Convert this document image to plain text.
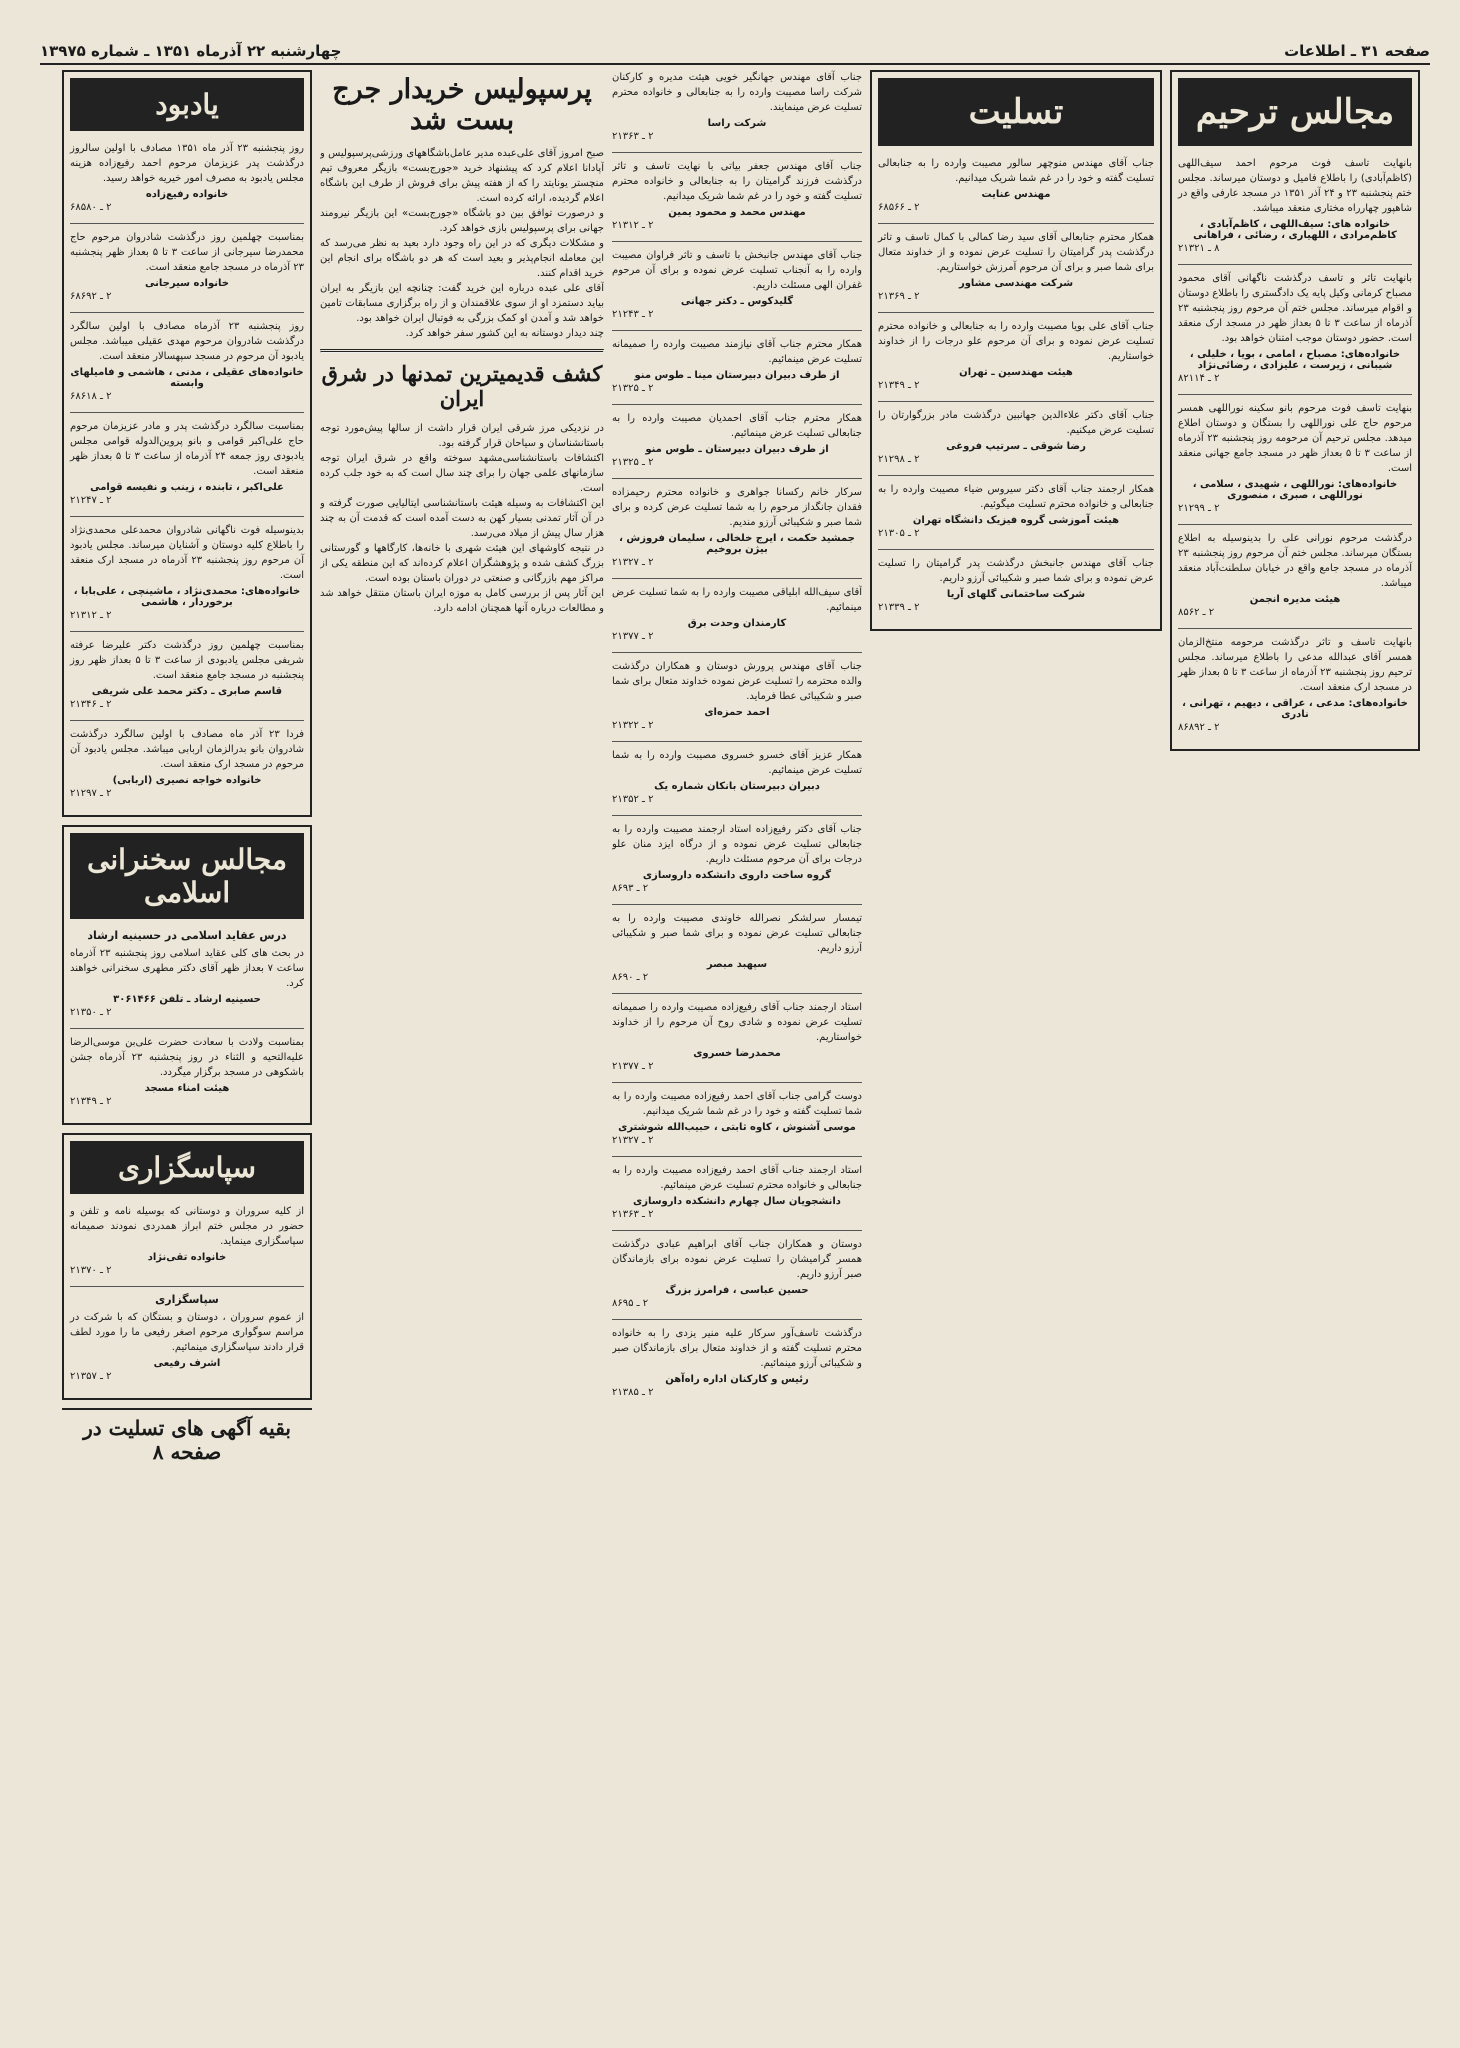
صفحه ۳۱ ـ اطلاعات
چهارشنبه ۲۲ آذرماه ۱۳۵۱ ـ شماره ۱۳۹۷۵
مجالس ترحیم

بانهایت تاسف فوت مرحوم احمد سیف‌اللهی (کاظم‌آبادی) را باطلاع فامیل و دوستان میرساند. مجلس ختم پنجشنبه ۲۳ و ۲۴ آذر ۱۳۵۱ در مسجد عارفی واقع در شاهپور چهارراه مختاری منعقد میباشد.

خانواده های: سیف‌اللهی ، کاظم‌آبادی ، کاظم‌مرادی ، اللهیاری ، رضائی ، فراهانی
۸ ـ ۲۱۳۲۱

بانهایت تاثر و تاسف درگذشت ناگهانی آقای محمود مصباح کرمانی وکیل پایه یک دادگستری را باطلاع دوستان و اقوام میرساند. مجلس ختم آن مرحوم روز پنجشنبه ۲۳ آذرماه از ساعت ۳ تا ۵ بعداز ظهر در مسجد ارک منعقد است. حضور دوستان موجب امتنان خواهد بود.

خانواده‌های: مصباح ، امامی ، بویا ، خلیلی ، شیبانی ، زیرست ، علیزادی ، رضائی‌نژاد
۲ ـ ۸۲۱۱۴

بنهایت تاسف فوت مرحوم بانو سکینه نوراللهی همسر مرحوم حاج علی نوراللهی را بستگان و دوستان اطلاع میدهد. مجلس ترحیم آن مرحومه روز پنجشنبه ۲۳ آذرماه از ساعت ۳ تا ۵ بعداز ظهر در مسجد جامع جهانی منعقد است.

خانواده‌های: نوراللهی ، شهیدی ، سلامی ، نوراللهی ، صبری ، منصوری
۲ ـ ۲۱۲۹۹

درگذشت مرحوم نورانی علی را بدینوسیله به اطلاع بستگان میرساند. مجلس ختم آن مرحوم روز پنجشنبه ۲۳ آذرماه در مسجد جامع واقع در خیابان سلطنت‌آباد منعقد میباشد.

هیئت مدیره انجمن
۲ ـ ۸۵۶۲

بانهایت تاسف و تاثر درگذشت مرحومه منتخ‌الزمان همسر آقای عبدالله مدعی را باطلاع میرساند. مجلس ترحیم روز پنجشنبه ۲۳ آذرماه از ساعت ۳ تا ۵ بعداز ظهر در مسجد ارک منعقد است.

خانواده‌های: مدعی ، عراقی ، دیهیم ، تهرانی ، نادری
۲ ـ ۸۶۸۹۲
تسلیت

جناب آقای مهندس منوچهر سالور مصیبت وارده را به جنابعالی تسلیت گفته و خود را در غم شما شریک میدانیم.

مهندس عنایت
۲ ـ ۶۸۵۶۶

همکار محترم جنابعالی آقای سید رضا کمالی با کمال تاسف و تاثر درگذشت پدر گرامیتان را تسلیت عرض نموده و از خداوند متعال برای شما صبر و برای آن مرحوم آمرزش خواستاریم.

شرکت مهندسی مشاور
۲ ـ ۲۱۳۶۹

جناب آقای علی بویا مصیبت وارده را به جنابعالی و خانواده محترم تسلیت عرض نموده و برای آن مرحوم علو درجات را از خداوند خواستاریم.

هیئت مهندسین ـ تهران
۲ ـ ۲۱۳۴۹

جناب آقای دکتر علاءالدین جهانبین درگذشت مادر بزرگوارتان را تسلیت عرض میکنیم.

رضا شوقی ـ سرتیپ فروغی
۲ ـ ۲۱۲۹۸

همکار ارجمند جناب آقای دکتر سیروس ضیاء مصیبت وارده را به جنابعالی و خانواده محترم تسلیت میگوئیم.

هیئت آموزشی گروه فیزیک دانشگاه تهران
۲ ـ ۲۱۳۰۵

جناب آقای مهندس جانبخش درگذشت پدر گرامیتان را تسلیت عرض نموده و برای شما صبر و شکیبائی آرزو داریم.

شرکت ساختمانی گلهای آریا
۲ ـ ۲۱۳۳۹

جناب آقای مهندس جهانگیر خویی هیئت مدیره و کارکنان شرکت راسا مصیبت وارده را به جنابعالی و خانواده محترم تسلیت عرض مینمایند.

شرکت راسا
۲ ـ ۲۱۳۶۳

جناب آقای مهندس جعفر بیاتی با نهایت تاسف و تاثر درگذشت فرزند گرامیتان را به جنابعالی و خانواده محترم تسلیت گفته و خود را در غم شما شریک میدانیم.

مهندس محمد و محمود یمین
۲ ـ ۲۱۳۱۲

جناب آقای مهندس جانبخش با تاسف و تاثر فراوان مصیبت وارده را به آنجناب تسلیت عرض نموده و برای آن مرحوم غفران الهی مسئلت داریم.

گلیدکوس ـ دکتر جهانی
۲ ـ ۲۱۲۴۳

همکار محترم جناب آقای نیازمند مصیبت وارده را صمیمانه تسلیت عرض مینمائیم.

از طرف دبیران دبیرستان مینا ـ طوس منو
۲ ـ ۲۱۳۲۵

همکار محترم جناب آقای احمدیان مصیبت وارده را به جنابعالی تسلیت عرض مینمائیم.

از طرف دبیران دبیرستان ـ طوس منو
۲ ـ ۲۱۳۲۵

سرکار خانم رکسانا جواهری و خانواده محترم رحیمزاده فقدان جانگداز مرحوم را به شما تسلیت عرض کرده و برای شما صبر و شکیبائی آرزو مندیم.

جمشید حکمت ، ایرج خلخالی ، سلیمان فروزش ، بیژن بروخیم
۲ ـ ۲۱۳۲۷

آقای سیف‌الله ابلیاقی مصیبت وارده را به شما تسلیت عرض مینمائیم.

کارمندان وحدت برق
۲ ـ ۲۱۳۷۷

جناب آقای مهندس پرورش دوستان و همکاران درگذشت والده محترمه را تسلیت عرض نموده خداوند متعال برای شما صبر و شکیبائی عطا فرماید.

احمد حمزه‌ای
۲ ـ ۲۱۳۲۲

همکار عزیز آقای خسرو خسروی مصیبت وارده را به شما تسلیت عرض مینمائیم.

دبیران دبیرستان بانکان شماره یک
۲ ـ ۲۱۳۵۲

جناب آقای دکتر رفیع‌زاده استاد ارجمند مصیبت وارده را به جنابعالی تسلیت عرض نموده و از درگاه ایزد منان علو درجات برای آن مرحوم مسئلت داریم.

گروه ساخت داروی دانشکده داروسازی
۲ ـ ۸۶۹۳

تیمسار سرلشکر نصرالله خاوندی مصیبت وارده را به جنابعالی تسلیت عرض نموده و برای شما صبر و شکیبائی آرزو داریم.

سپهبد مبصر
۲ ـ ۸۶۹۰

استاد ارجمند جناب آقای رفیع‌زاده مصیبت وارده را صمیمانه تسلیت عرض نموده و شادی روح آن مرحوم را از خداوند خواستاریم.

محمدرضا خسروی
۲ ـ ۲۱۳۷۷

دوست گرامی جناب آقای احمد رفیع‌زاده مصیبت وارده را به شما تسلیت گفته و خود را در غم شما شریک میدانیم.

موسی آشنوش ، کاوه ثابتی ، حبیب‌الله شوشتری
۲ ـ ۲۱۳۲۷

استاد ارجمند جناب آقای احمد رفیع‌زاده مصیبت وارده را به جنابعالی و خانواده محترم تسلیت عرض مینمائیم.

دانشجویان سال چهارم دانشکده داروسازی
۲ ـ ۲۱۳۶۳

دوستان و همکاران جناب آقای ابراهیم عبادی درگذشت همسر گرامیشان را تسلیت عرض نموده برای بازماندگان صبر آرزو داریم.

حسین عباسی ، فرامرز بزرگ
۲ ـ ۸۶۹۵

درگذشت تاسف‌آور سرکار علیه منیر یزدی را به خانواده محترم تسلیت گفته و از خداوند متعال برای بازماندگان صبر و شکیبائی آرزو مینمائیم.

رئیس و کارکنان اداره راه‌آهن
۲ ـ ۲۱۳۸۵
پرسپولیس خریدار جرج بست شد

صبح امروز آقای علی‌عبده مدیر عامل‌باشگاههای ورزشی‌پرسپولیس و آپادانا اعلام کرد که پیشنهاد خرید «جورج‌بست» بازیگر معروف تیم منچستر یونایتد را که از هفته پیش برای فروش از طرف این باشگاه اعلام گردیده، ارائه کرده است.

و درصورت توافق بین دو باشگاه «جورج‌بست» این بازیگر نیرومند جهانی برای پرسپولیس بازی خواهد کرد.

و مشکلات دیگری که در این راه وجود دارد بعید به نظر می‌رسد که این معامله انجام‌پذیر و بعید است که هر دو باشگاه برای انجام این خرید اقدام کنند.

آقای علی عبده درباره این خرید گفت: چنانچه این بازیگر به ایران بیاید دستمزد او از سوی علاقمندان و از راه برگزاری مسابقات تامین خواهد شد و آمدن او کمک بزرگی به فوتبال ایران خواهد بود.

چند دیدار دوستانه به این کشور سفر خواهد کرد.

کشف قدیمیترین تمدنها در شرق ایران

در نزدیکی مرز شرقی ایران قرار داشت از سالها پیش‌مورد توجه باستانشناسان و سیاحان قرار گرفته بود.

اکتشافات باستانشناسی‌مشهد سوخته واقع در شرق ایران توجه سازمانهای علمی جهان را برای چند سال است که به خود جلب کرده است.

این اکتشافات به وسیله هیئت باستانشناسی ایتالیایی صورت گرفته و در آن آثار تمدنی بسیار کهن به دست آمده است که قدمت آن به چند هزار سال پیش از میلاد می‌رسد.

در نتیجه کاوشهای این هیئت شهری با خانه‌ها، کارگاهها و گورستانی بزرگ کشف شده و پژوهشگران اعلام کرده‌اند که این منطقه یکی از مراکز مهم بازرگانی و صنعتی در دوران باستان بوده است.

این آثار پس از بررسی کامل به موزه ایران باستان منتقل خواهد شد و مطالعات درباره آنها همچنان ادامه دارد.

یادبود

روز پنجشنبه ۲۳ آذر ماه ۱۳۵۱ مصادف با اولین سالروز درگذشت پدر عزیزمان مرحوم احمد رفیع‌زاده هزینه مجلس یادبود به مصرف امور خیریه خواهد رسید.

خانواده رفیع‌زاده
۲ ـ ۶۸۵۸۰

بمناسبت چهلمین روز درگذشت شادروان مرحوم حاج محمدرضا سیرجانی از ساعت ۳ تا ۵ بعداز ظهر پنجشنبه ۲۳ آذرماه در مسجد جامع منعقد است.

خانواده سیرجانی
۲ ـ ۶۸۶۹۲

روز پنجشنبه ۲۳ آذرماه مصادف با اولین سالگرد درگذشت شادروان مرحوم مهدی عقیلی میباشد. مجلس یادبود آن مرحوم در مسجد سپهسالار منعقد است.

خانواده‌های عقیلی ، مدنی ، هاشمی و فامیلهای وابسته
۲ ـ ۶۸۶۱۸

بمناسبت سالگرد درگذشت پدر و مادر عزیزمان مرحوم حاج علی‌اکبر قوامی و بانو پروین‌الدوله قوامی مجلس یادبودی روز جمعه ۲۴ آذرماه از ساعت ۳ تا ۵ بعداز ظهر منعقد است.

علی‌اکبر ، تابنده ، زینب و نفیسه قوامی
۲ ـ ۲۱۲۴۷

بدینوسیله فوت ناگهانی شادروان محمدعلی محمدی‌نژاد را باطلاع کلیه دوستان و آشنایان میرساند. مجلس یادبود آن مرحوم روز پنجشنبه ۲۳ آذرماه در مسجد ارک منعقد است.

خانواده‌های: محمدی‌نژاد ، ماشینچی ، علی‌بابا ، برخوردار ، هاشمی
۲ ـ ۲۱۳۱۲

بمناسبت چهلمین روز درگذشت دکتر علیرضا عرفته شریفی مجلس یادبودی از ساعت ۳ تا ۵ بعداز ظهر روز پنجشنبه در مسجد جامع منعقد است.

قاسم صابری ـ دکتر محمد علی شریفی
۲ ـ ۲۱۳۴۶

فردا ۲۳ آذر ماه مصادف با اولین سالگرد درگذشت شادروان بانو بدرالزمان اربابی میباشد. مجلس یادبود آن مرحوم در مسجد ارک منعقد است.

خانواده خواجه نصیری (اربابی)
۲ ـ ۲۱۲۹۷
مجالس سخنرانی اسلامی
درس عقاید اسلامی در حسینیه ارشاد

در بحث های کلی عقاید اسلامی روز پنجشنبه ۲۳ آذرماه ساعت ۷ بعداز ظهر آقای دکتر مطهری سخنرانی خواهند کرد.

حسینیه ارشاد ـ تلفن ۳۰۶۱۴۶۶
۲ ـ ۲۱۳۵۰

بمناسبت ولادت با سعادت حضرت علی‌بن موسی‌الرضا علیه‌التحیه و الثناء در روز پنجشنبه ۲۳ آذرماه جشن باشکوهی در مسجد برگزار میگردد.

هیئت امناء مسجد
۲ ـ ۲۱۳۴۹
سپاسگزاری

از کلیه سروران و دوستانی که بوسیله نامه و تلفن و حضور در مجلس ختم ابراز همدردی نمودند صمیمانه سپاسگزاری مینماید.

خانواده تقی‌نژاد
۲ ـ ۲۱۳۷۰
سپاسگزاری

از عموم سروران ، دوستان و بستگان که با شرکت در مراسم سوگواری مرحوم اصغر رفیعی ما را مورد لطف قرار دادند سپاسگزاری مینمائیم.

اشرف رفیعی
۲ ـ ۲۱۳۵۷
بقیه آگهی های تسلیت در صفحه ۸
